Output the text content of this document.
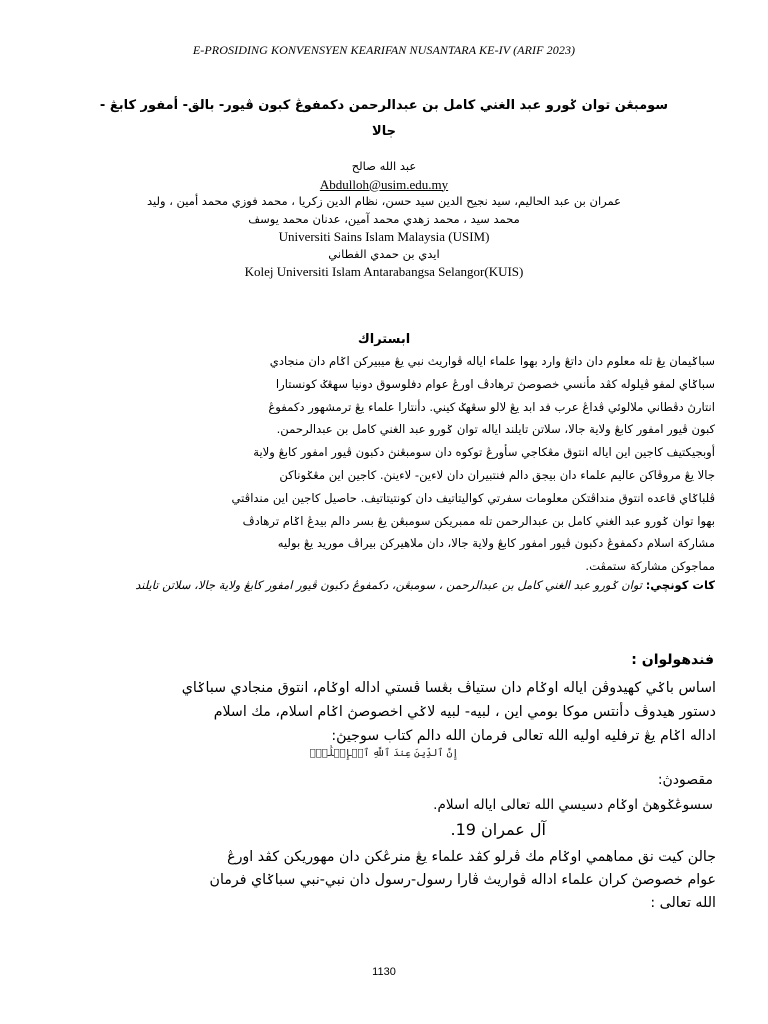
E-PROSIDING KONVENSYEN KEARIFAN NUSANTARA KE-IV (ARIF 2023)
سومبڠن توان ݢورو عبد الغني كامل بن عبدالرحمن دكمفوڠ كبون ڤيور- بالق- أمفور كابڠ -
جالا
عبد الله صالح
Abdulloh@usim.edu.my
عمران بن عبد الحاليم، سيد نجيح الدين سيد حسن، نظام الدين زكريا ، محمد فوزي محمد أمين ، وليد
محمد سيد ، محمد زهدي محمد آمين، عدنان محمد يوسف
Universiti Sains Islam Malaysia (USIM)
ايدي بن حمدي الفطاني
Kolej Universiti Islam Antarabangsa Selangor(KUIS)
ابستراك
سباݢيمان يڠ تله معلوم دان داتڠ وارد بهوا علماء اياله ڤواريث نبي يڠ ميبيركن اݢام دان منجادي
سباݢاي لمفو ڤيلوله كڤد مأنسي خصوصڽ ترهادڤ اورڠ عوام دفلوسوق دونيا سهڠݢ كونستارا
انتارڽ دڤطاني ملالوئي ڤداڠ عرب فد ابد يڠ لالو سڠهݢ كيني. دأنتارا علماء يڠ ترمشهور دكمفوڠ
كبون ڤيور امفور كابڠ ولاية جالا، سلاتن تايلند اياله توان ݢورو عبد الغني كامل بن عبدالرحمن.
أوبجيكتيف كاجين اين اياله انتوق مڠكاجي سأورڠ توكوه دان سومبڠنڽ دكبون ڤيور امفور كابڠ ولاية
جالا يڠ مروڤاكن عاليم علماء دان بيجق دالم فنتبيران دان لاءين- لاءينڽ. كاجين اين مڠݢوناكن
ڤلباݢاي قاعده انتوق منداڤتكن معلومات سفرتي كواليتاتيف دان كونتيتاتيف. حاصيل كاجين اين منداڤتي
بهوا توان ݢورو عبد الغني كامل بن عبدالرحمن تله ممبريكن سومبڠن يڠ بسر دالم بيدڠ اݢام ترهادڤ
مشاركة اسلام دكمفوڠ دكبون ڤيور امفور كابڠ ولاية جالا، دان ملاهيركن بيراڤ موريد يڠ بوليه
مماجوكن مشاركة ستمڤت.
كات كونچي: توان ݢورو عبد الغني كامل بن عبدالرحمن ، سومبڠن، دكمفوڠ دكبون ڤيور امفور كابڠ ولاية جالا، سلاتن تايلند
فندهولوان :
اساس باݢي كهيدوڤن اياله اوݢام دان ستياڤ بڠسا ڤستي اداله اوݢام، انتوق منجادي سباݢاي
دستور هيدوڤ دأنتس موكا بومي اين ، لبيه- لبيه لاݢي اخصوصڽ اݢام اسلام، مك اسلام
اداله اݢام يڠ ترفليه اوليه الله تعالى فرمان الله دالم كتاب سوجيڽ:
إِنَّ ٱلدِّينَ عِندَ ٱللَّهِ ٱلۡإِسۡلَٰمُۗ
مقصودڽ:
سسوڠݢوهڽ اوݢام دسيسي الله تعالى اياله اسلام.
آل عمران 19.
جالن كيت نق مماهمي اوݢام مك ڤرلو كڤد علماء يڠ منرڠكن دان مهوريكن كڤد اورڠ
عوام خصوصڽ كران علماء اداله ڤواريث ڤارا رسول-رسول دان نبي-نبي سباݢاي فرمان
الله تعالى :
1130
